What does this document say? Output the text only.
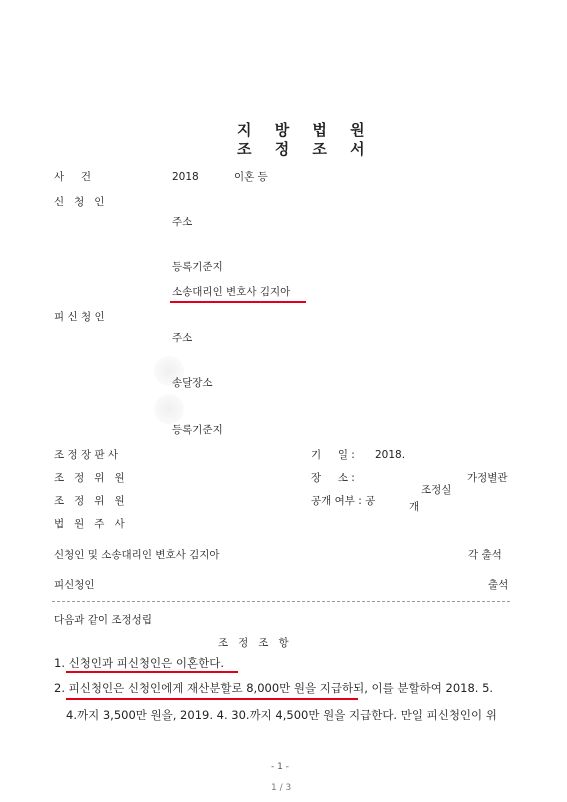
지 방 법 원
조 정 조 서
사     건	2018	이혼 등
신   청   인
주소
등록기준지
소송대리인 변호사 김지아
피 신 청 인
주소
송달장소
등록기준지
조 정 장 판 사
조   정   위   원
조   정   위   원
법   원   주   사
기     일 : 2018.
장     소 :	가정별관
조정실
공개 여부 : 공	개
신청인 및 소송대리인 변호사 김지아	각 출석
피신청인	출석
다음과 같이 조정성립
조   정   조   항
1. 신청인과 피신청인은 이혼한다.
2. 피신청인은 신청인에게 재산분할로 8,000만 원을 지급하되, 이를 분할하여 2018. 5.
4.까지 3,500만 원을, 2019. 4. 30.까지 4,500만 원을 지급한다. 만일 피신청인이 위
- 1 -
1 / 3
